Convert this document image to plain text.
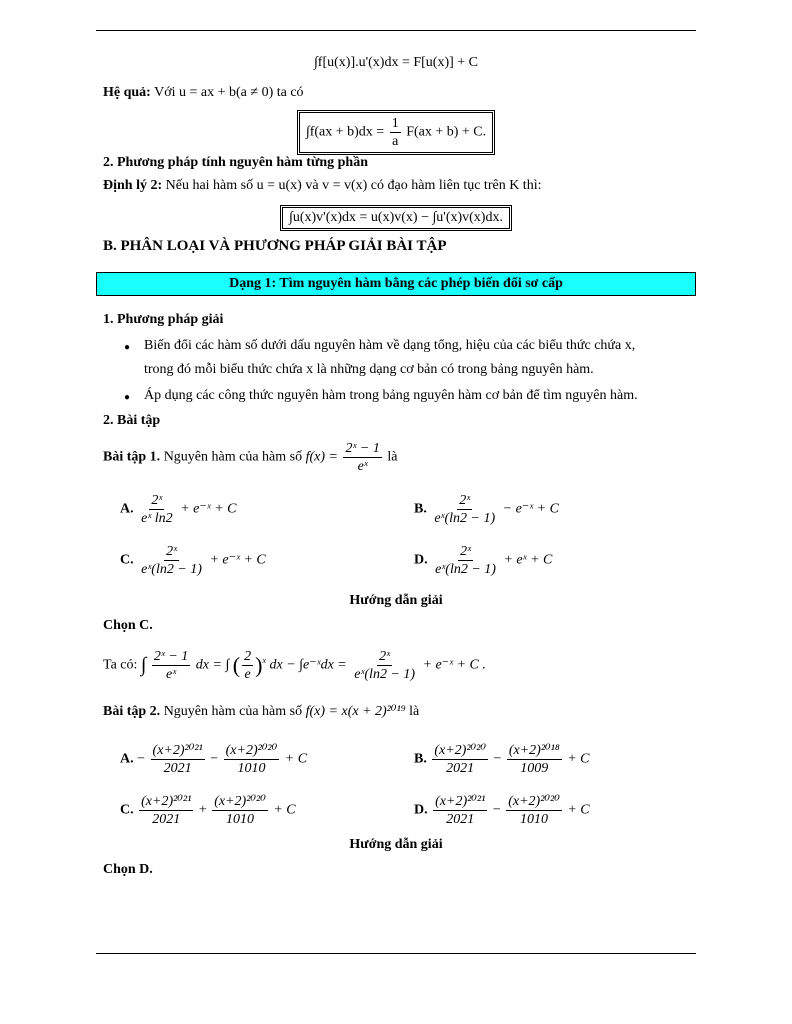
∫f[u(x)].u'(x)dx = F[u(x)] + C
Hệ quả: Với u = ax + b(a ≠ 0) ta có
$\int f(ax + b)dx = \frac{1}{a} F(ax + b) + C$.
2. Phương pháp tính nguyên hàm từng phần
Định lý 2: Nếu hai hàm số u = u(x) và v = v(x) có đạo hàm liên tục trên K thì:
∫u(x)v'(x)dx = u(x)v(x) − ∫u'(x)v(x)dx.
B. PHÂN LOẠI VÀ PHƯƠNG PHÁP GIẢI BÀI TẬP
Dạng 1: Tìm nguyên hàm bằng các phép biến đổi sơ cấp
1. Phương pháp giải
● Biến đổi các hàm số dưới dấu nguyên hàm về dạng tổng, hiệu của các biểu thức chứa x,
trong đó mỗi biểu thức chứa x là những dạng cơ bản có trong bảng nguyên hàm.
● Áp dụng các công thức nguyên hàm trong bảng nguyên hàm cơ bản để tìm nguyên hàm.
2. Bài tập
Bài tập 1. Nguyên hàm của hàm số $f(x) = \frac{\text{2ˣ − 1}}{\text{eˣ}}$ là
A. $\frac{\text{2ˣ}}{\text{eˣ ln2}}$ + e⁻ˣ + C	B. $\frac{\text{2ˣ}}{\text{eˣ(ln2 − 1)}}$ − e⁻ˣ + C
C. $\frac{\text{2ˣ}}{\text{eˣ(ln2 − 1)}}$ + e⁻ˣ + C	D. $\frac{\text{2ˣ}}{\text{eˣ(ln2 − 1)}}$ + eˣ + C
Hướng dẫn giải
Chọn C.
Ta có: ∫ $\frac{\text{2ˣ − 1}}{\text{eˣ}}$ dx = ∫ ( $\frac{2}{e} )^x$ dx − ∫e⁻ˣdx = $\frac{\text{2ˣ}}{\text{eˣ(ln2 − 1)}}$ + e⁻ˣ + C .
Bài tập 2. Nguyên hàm của hàm số f(x) = x(x + 2)²⁰¹⁹ là
A. − $\frac{\text{(x+2)²⁰²¹}}{2021} - \frac{\text{(x+2)²⁰²⁰}}{1010} + C$	B. $\frac{\text{(x+2)²⁰²⁰}}{2021} - \frac{\text{(x+2)²⁰¹⁸}}{1009} + C$
C. $\frac{\text{(x+2)²⁰²¹}}{2021} + \frac{\text{(x+2)²⁰²⁰}}{1010} + C$	D. $\frac{\text{(x+2)²⁰²¹}}{2021} - \frac{\text{(x+2)²⁰²⁰}}{1010} + C$
Hướng dẫn giải
Chọn D.
